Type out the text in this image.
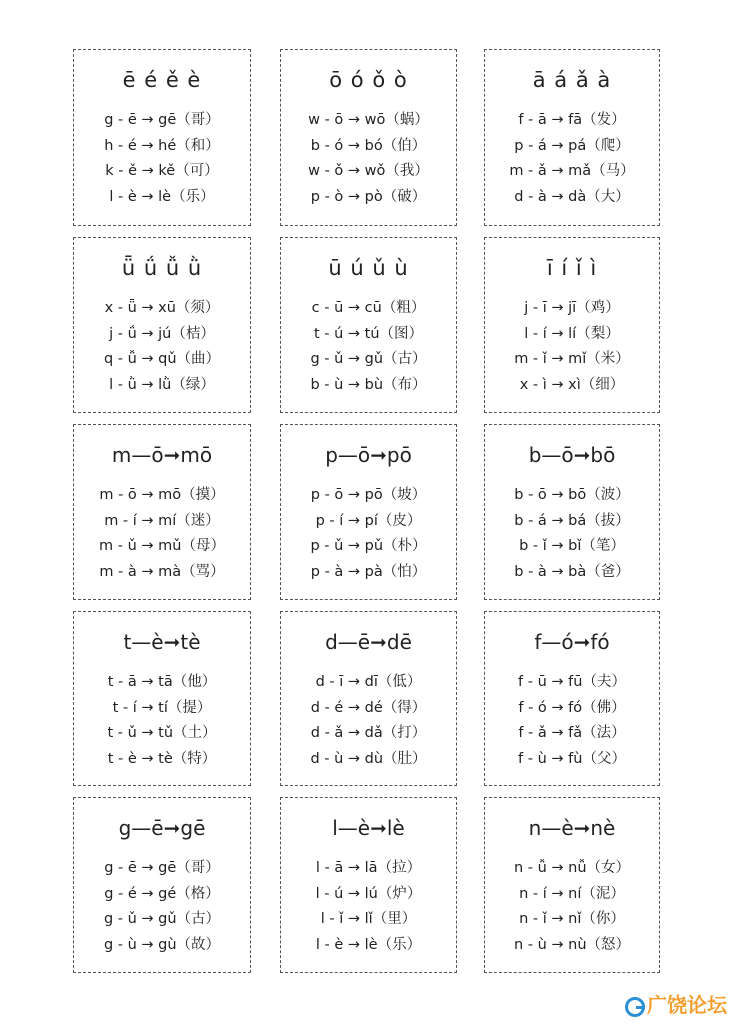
ē é ě è
g - ē → gē（哥）
h - é → hé（和）
k - ě → kě（可）
l - è → lè（乐）
ō ó ǒ ò
w - ō → wō（蜗）
b - ó → bó（伯）
w - ǒ → wǒ（我）
p - ò → pò（破）
ā á ǎ à
f - ā → fā（发）
p - á → pá（爬）
m - ǎ → mǎ（马）
d - à → dà（大）
ǖ ǘ ǚ ǜ
x - ǖ → xū（须）
j - ǘ → jú（桔）
q - ǚ → qǔ（曲）
l - ǜ → lǜ（绿）
ū ú ǔ ù
c - ū → cū（粗）
t - ú → tú（图）
g - ǔ → gǔ（古）
b - ù → bù（布）
ī í ǐ ì
j - ī → jī（鸡）
l - í → lí（梨）
m - ǐ → mǐ（米）
x - ì → xì（细）
m—ō➞mō
m - ō → mō（摸）
m - í → mí（迷）
m - ǔ → mǔ（母）
m - à → mà（骂）
p—ō➞pō
p - ō → pō（坡）
p - í → pí（皮）
p - ǔ → pǔ（朴）
p - à → pà（怕）
b—ō➞bō
b - ō → bō（波）
b - á → bá（拔）
b - ǐ → bǐ（笔）
b - à → bà（爸）
t—è➞tè
t - ā → tā（他）
t - í → tí（提）
t - ǔ → tǔ（土）
t - è → tè（特）
d—ē➞dē
d - ī → dī（低）
d - é → dé（得）
d - ǎ → dǎ（打）
d - ù → dù（肚）
f—ó➞fó
f - ū → fū（夫）
f - ó → fó（佛）
f - ǎ → fǎ（法）
f - ù → fù（父）
g—ē➞gē
g - ē → gē（哥）
g - é → gé（格）
g - ǔ → gǔ（古）
g - ù → gù（故）
l—è➞lè
l - ā → lā（拉）
l - ú → lú（炉）
l - ǐ → lǐ（里）
l - è → lè（乐）
n—è➞nè
n - ǚ → nǚ（女）
n - í → ní（泥）
n - ǐ → nǐ（你）
n - ù → nù（怒）
广饶论坛
